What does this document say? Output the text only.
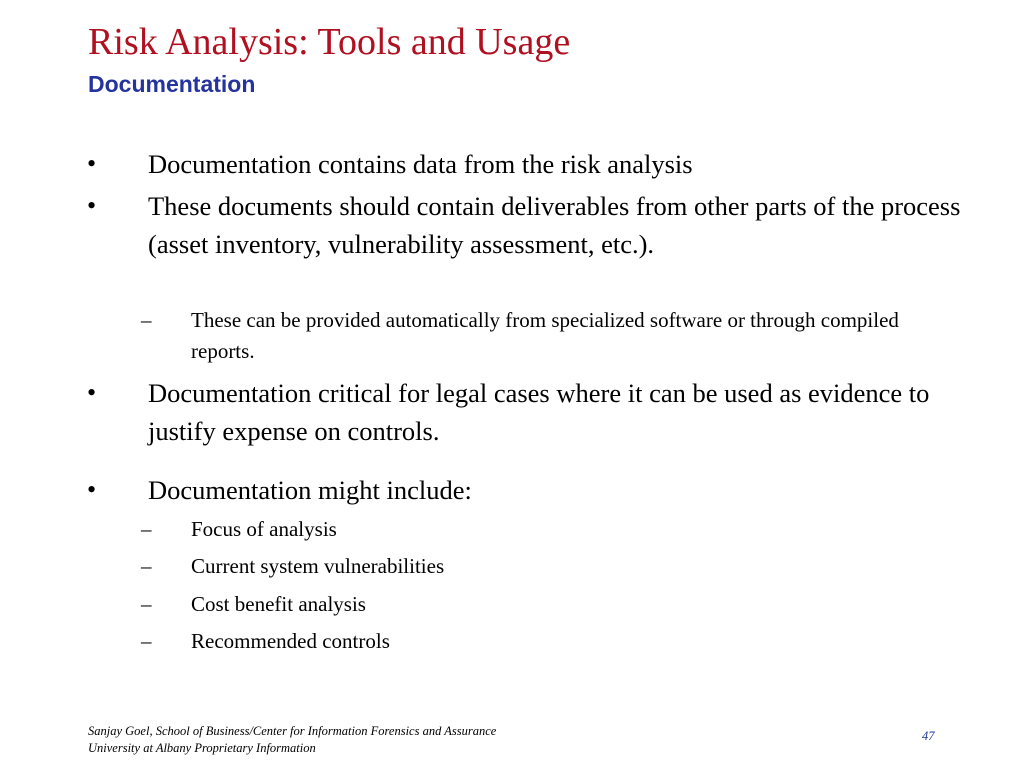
Risk Analysis: Tools and Usage
Documentation
• Documentation contains data from the risk analysis
• These documents should contain deliverables from other parts of the process (asset inventory, vulnerability assessment, etc.).
– These can be provided automatically from specialized software or through compiled reports.
• Documentation critical for legal cases where it can be used as evidence to justify expense on controls.
• Documentation might include:
– Focus of analysis
– Current system vulnerabilities
– Cost benefit analysis
– Recommended controls
Sanjay Goel, School of Business/Center for Information Forensics and Assurance
University at Albany Proprietary Information
47
